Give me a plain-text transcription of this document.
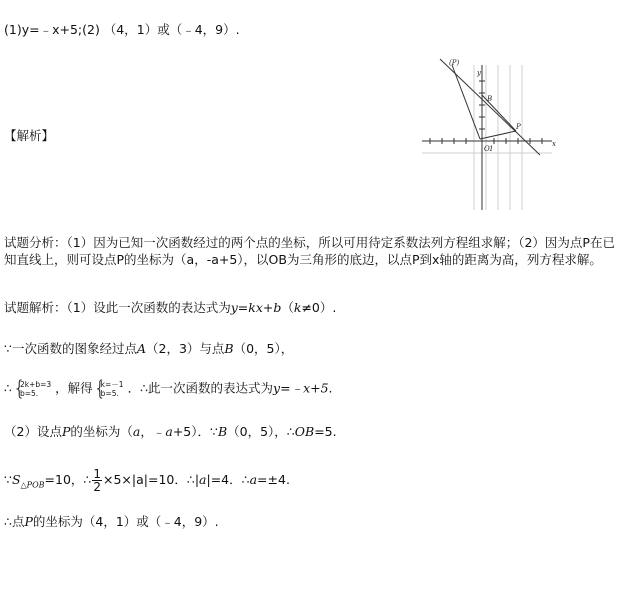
(1)y=﹣x+5;(2) （4，1）或（﹣4，9）.
(P)
y
x
B
P
O 1
【解析】
试题分析：（1）因为已知一次函数经过的两个点的坐标，所以可用待定系数法列方程组求解；（2）因为点P在已知直线上，则可设点P的坐标为（a，-a+5），以OB为三角形的底边，以点P到x轴的距离为高，列方程求解。
试题解析：（1）设此一次函数的表达式为y=kx+b（k≠0）.
∵一次函数的图象经过点A（2，3）与点B（0，5），
∴ { 2k+b=3
b=5.	，解得 { k=－1
b=5. ．∴此一次函数的表达式为y=﹣x+5.
（2）设点P的坐标为（a，﹣a+5）．∵B（0，5），∴OB=5.
$\because S_{\triangle POB}=10$，∴ $\frac{1}{2} \times 5\times|a|=10$．∴|a|=4．∴a=±4.
∴点P的坐标为（4，1）或（﹣4，9）.
